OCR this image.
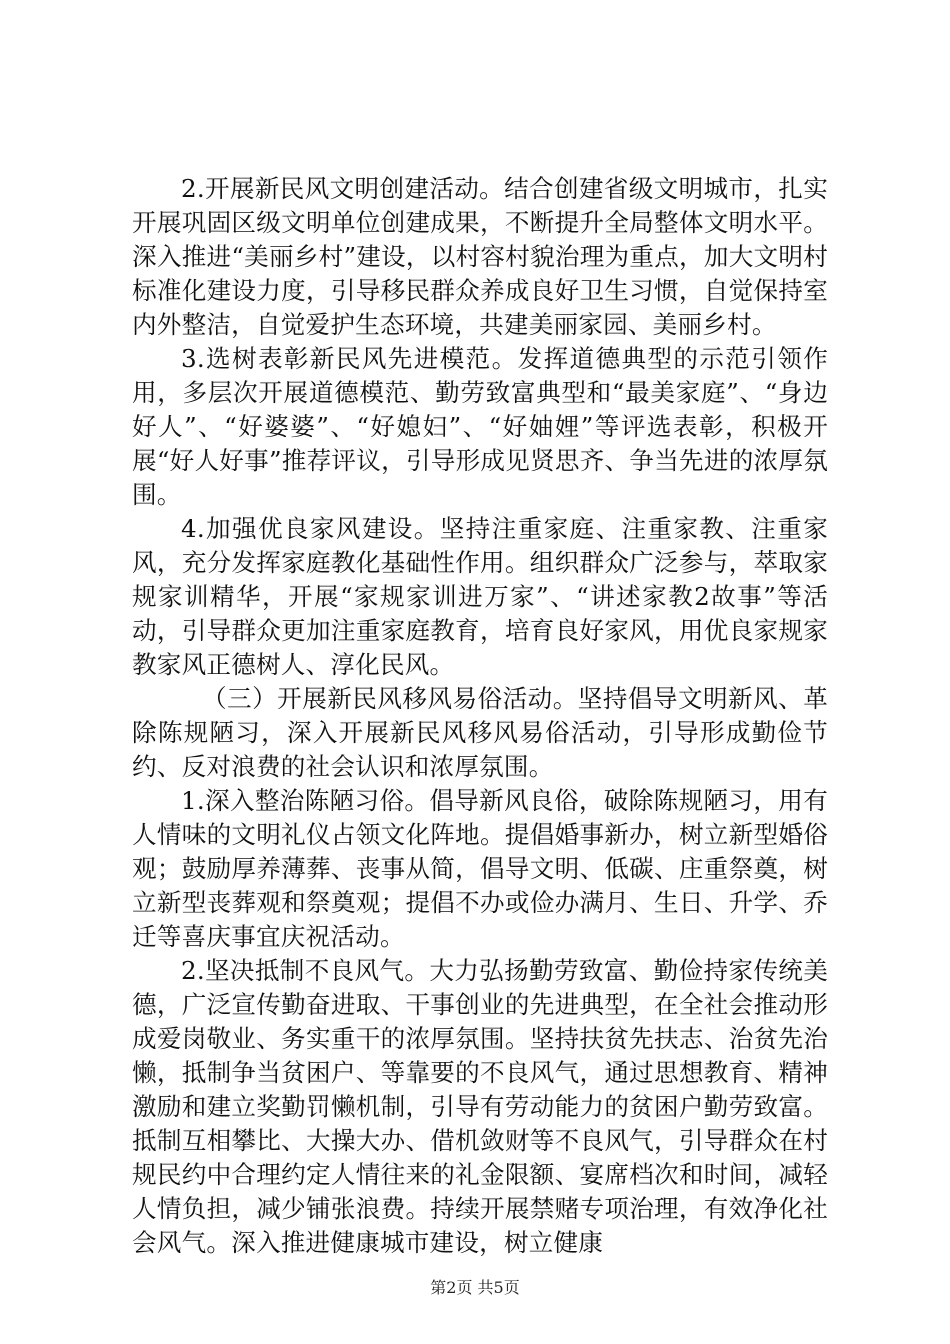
2.开展新民风文明创建活动。结合创建省级文明城市，扎实开展巩固区级文明单位创建成果，不断提升全局整体文明水平。深入推进“美丽乡村”建设，以村容村貌治理为重点，加大文明村标准化建设力度，引导移民群众养成良好卫生习惯，自觉保持室内外整洁，自觉爱护生态环境，共建美丽家园、美丽乡村。

3.选树表彰新民风先进模范。发挥道德典型的示范引领作用，多层次开展道德模范、勤劳致富典型和“最美家庭”、“身边好人”、“好婆婆”、“好媳妇”、“好妯娌”等评选表彰，积极开展“好人好事”推荐评议，引导形成见贤思齐、争当先进的浓厚氛围。

4.加强优良家风建设。坚持注重家庭、注重家教、注重家风，充分发挥家庭教化基础性作用。组织群众广泛参与，萃取家规家训精华，开展“家规家训进万家”、“讲述家教2故事”等活动，引导群众更加注重家庭教育，培育良好家风，用优良家规家教家风正德树人、淳化民风。

（三）开展新民风移风易俗活动。坚持倡导文明新风、革除陈规陋习，深入开展新民风移风易俗活动，引导形成勤俭节约、反对浪费的社会认识和浓厚氛围。

1.深入整治陈陋习俗。倡导新风良俗，破除陈规陋习，用有人情味的文明礼仪占领文化阵地。提倡婚事新办，树立新型婚俗观；鼓励厚养薄葬、丧事从简，倡导文明、低碳、庄重祭奠，树立新型丧葬观和祭奠观；提倡不办或俭办满月、生日、升学、乔迁等喜庆事宜庆祝活动。

2.坚决抵制不良风气。大力弘扬勤劳致富、勤俭持家传统美德，广泛宣传勤奋进取、干事创业的先进典型，在全社会推动形成爱岗敬业、务实重干的浓厚氛围。坚持扶贫先扶志、治贫先治懒，抵制争当贫困户、等靠要的不良风气，通过思想教育、精神激励和建立奖勤罚懒机制，引导有劳动能力的贫困户勤劳致富。抵制互相攀比、大操大办、借机敛财等不良风气，引导群众在村规民约中合理约定人情往来的礼金限额、宴席档次和时间，减轻人情负担，减少铺张浪费。持续开展禁赌专项治理，有效净化社会风气。深入推进健康城市建设，树立健康

第2页 共5页
